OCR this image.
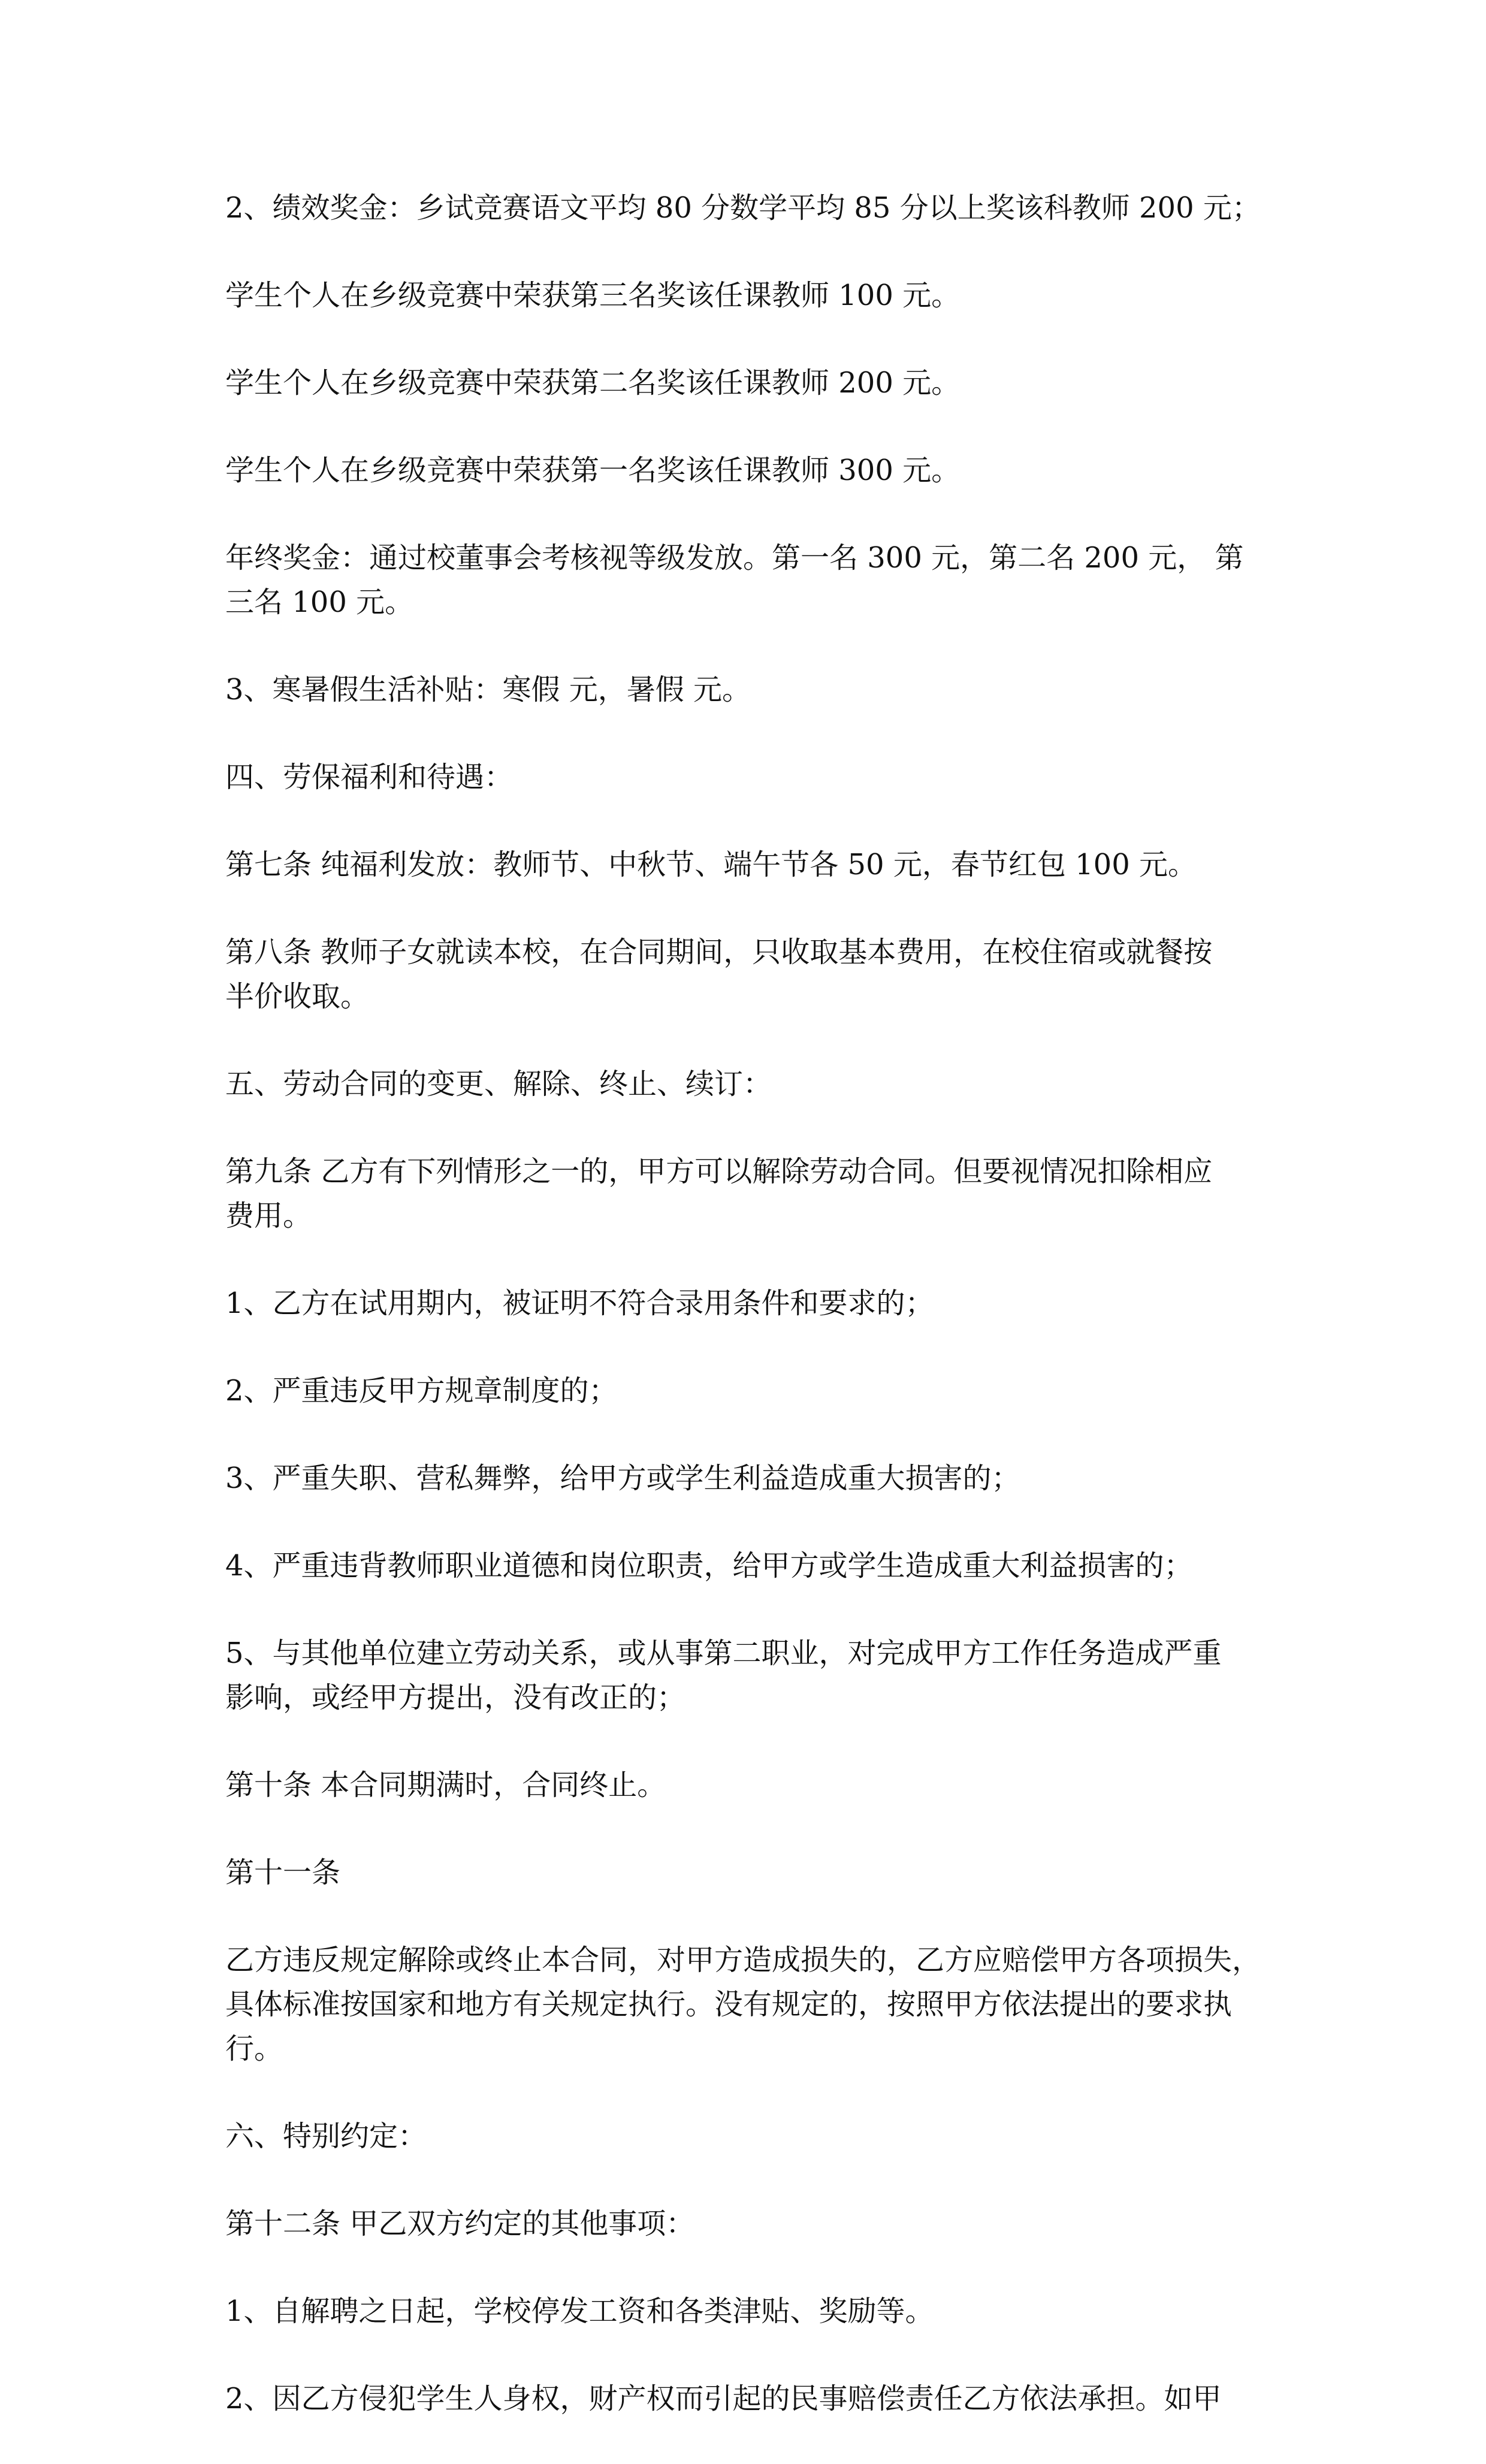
2、绩效奖金：乡试竞赛语文平均 80 分数学平均 85 分以上奖该科教师 200 元；
学生个人在乡级竞赛中荣获第三名奖该任课教师 100 元。
学生个人在乡级竞赛中荣获第二名奖该任课教师 200 元。
学生个人在乡级竞赛中荣获第一名奖该任课教师 300 元。
年终奖金：通过校董事会考核视等级发放。第一名 300 元，第二名 200 元， 第
三名 100 元。
3、寒暑假生活补贴：寒假 元，暑假 元。
四、劳保福利和待遇：
第七条 纯福利发放：教师节、中秋节、端午节各 50 元，春节红包 100 元。
第八条 教师子女就读本校，在合同期间，只收取基本费用，在校住宿或就餐按
半价收取。
五、劳动合同的变更、解除、终止、续订：
第九条 乙方有下列情形之一的，甲方可以解除劳动合同。但要视情况扣除相应
费用。
1、乙方在试用期内，被证明不符合录用条件和要求的；
2、严重违反甲方规章制度的；
3、严重失职、营私舞弊，给甲方或学生利益造成重大损害的；
4、严重违背教师职业道德和岗位职责，给甲方或学生造成重大利益损害的；
5、与其他单位建立劳动关系，或从事第二职业，对完成甲方工作任务造成严重
影响，或经甲方提出，没有改正的；
第十条 本合同期满时，合同终止。
第十一条
乙方违反规定解除或终止本合同，对甲方造成损失的，乙方应赔偿甲方各项损失，
具体标准按国家和地方有关规定执行。没有规定的，按照甲方依法提出的要求执
行。
六、特别约定：
第十二条 甲乙双方约定的其他事项：
1、自解聘之日起，学校停发工资和各类津贴、奖励等。
2、因乙方侵犯学生人身权，财产权而引起的民事赔偿责任乙方依法承担。如甲
